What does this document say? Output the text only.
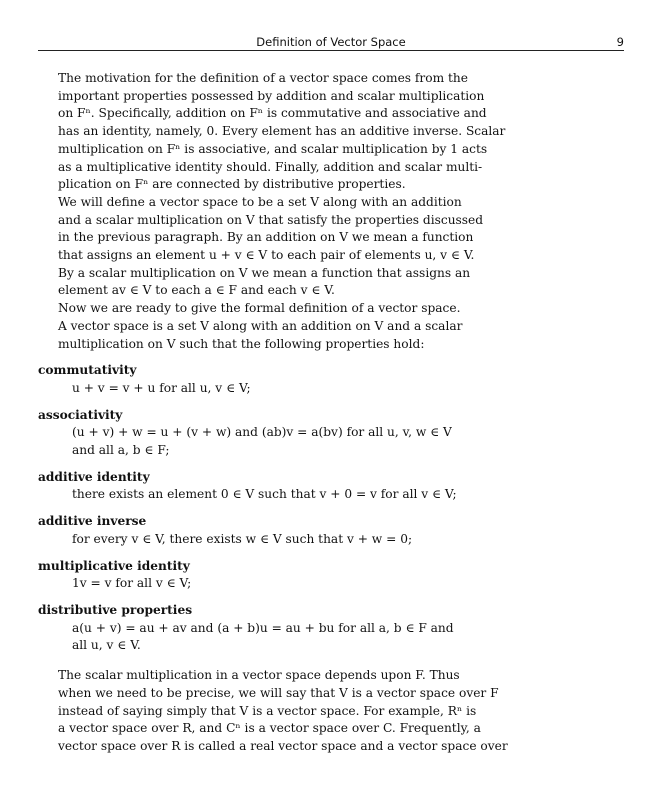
Definition of Vector Space	9

The motivation for the definition of a vector space comes from the
important properties possessed by addition and scalar multiplication
on Fⁿ. Specifically, addition on Fⁿ is commutative and associative and
has an identity, namely, 0. Every element has an additive inverse. Scalar
multiplication on Fⁿ is associative, and scalar multiplication by 1 acts
as a multiplicative identity should. Finally, addition and scalar multi-
plication on Fⁿ are connected by distributive properties.

We will define a vector space to be a set V along with an addition
and a scalar multiplication on V that satisfy the properties discussed
in the previous paragraph. By an addition on V we mean a function
that assigns an element u + v ∈ V to each pair of elements u, v ∈ V.
By a scalar multiplication on V we mean a function that assigns an
element av ∈ V to each a ∈ F and each v ∈ V.

Now we are ready to give the formal definition of a vector space.
A vector space is a set V along with an addition on V and a scalar
multiplication on V such that the following properties hold:

commutativity

u + v = v + u for all u, v ∈ V;

associativity

(u + v) + w = u + (v + w) and (ab)v = a(bv) for all u, v, w ∈ V

and all a, b ∈ F;

additive identity

there exists an element 0 ∈ V such that v + 0 = v for all v ∈ V;

additive inverse

for every v ∈ V, there exists w ∈ V such that v + w = 0;

multiplicative identity

1v = v for all v ∈ V;

distributive properties

a(u + v) = au + av and (a + b)u = au + bu for all a, b ∈ F and

all u, v ∈ V.

The scalar multiplication in a vector space depends upon F. Thus
when we need to be precise, we will say that V is a vector space over F
instead of saying simply that V is a vector space. For example, Rⁿ is
a vector space over R, and Cⁿ is a vector space over C. Frequently, a
vector space over R is called a real vector space and a vector space over
